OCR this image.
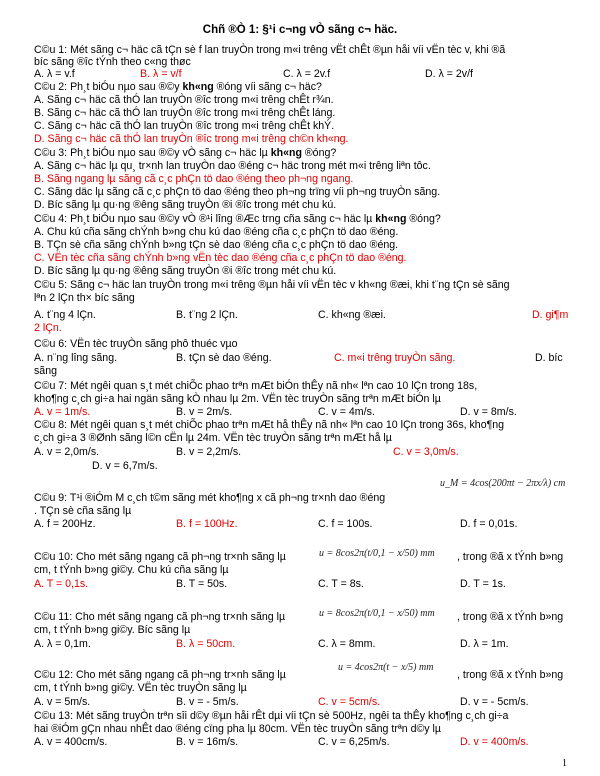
Chñ ®Ò 1: §¹i c¬ng vÒ sãng c¬ häc.
C©u 1: Mét sãng c¬ häc cã tÇn sè f lan truyÒn trong m«i trêng vËt chÊt ®µn håi víi vËn tèc v, khi ®ã
bíc sãng ®îc tÝnh theo c«ng thøc
A. λ = v.f	B. λ = v/f	C. λ = 2v.f	D. λ = 2v/f
C©u 2: Ph¸t biÓu nµo sau ®©y kh«ng ®óng víi sãng c¬ häc?
A. Sãng c¬ häc cã thÓ lan truyÒn ®îc trong m«i trêng chÊt r¾n.
B. Sãng c¬ häc cã thÓ lan truyÒn ®îc trong m«i trêng chÊt láng.
C. Sãng c¬ häc cã thÓ lan truyÒn ®îc trong m«i trêng chÊt khÝ.
D. Sãng c¬ häc cã thÓ lan truyÒn ®îc trong m«i trêng ch©n kh«ng.
C©u 3: Ph¸t biÓu nµo sau ®©y vÒ sãng c¬ häc lµ kh«ng ®óng?
A. Sãng c¬ häc lµ qu¸ tr×nh lan truyÒn dao ®éng c¬ häc trong mét m«i trêng liªn tôc.
B. Sãng ngang lµ sãng cã c¸c phÇn tö dao ®éng theo ph¬ng ngang.
C. Sãng däc lµ sãng cã c¸c phÇn tö dao ®éng theo ph¬ng trïng víi ph¬ng truyÒn sãng.
D. Bíc sãng lµ qu·ng ®êng sãng truyÒn ®i ®îc trong mét chu kú.
C©u 4: Ph¸t biÓu nµo sau ®©y vÒ ®¹i lîng ®Æc trng cña sãng c¬ häc lµ kh«ng ®óng?
A. Chu kú cña sãng chÝnh b»ng chu kú dao ®éng cña c¸c phÇn tö dao ®éng.
B. TÇn sè cña sãng chÝnh b»ng tÇn sè dao ®éng cña c¸c phÇn tö dao ®éng.
C. VËn tèc cña sãng chÝnh b»ng vËn tèc dao ®éng cña c¸c phÇn tö dao ®éng.
D. Bíc sãng lµ qu·ng ®êng sãng truyÒn ®i ®îc trong mét chu kú.
C©u 5: Sãng c¬ häc lan truyÒn trong m«i trêng ®µn håi víi vËn tèc v kh«ng ®æi, khi t¨ng tÇn sè sãng
lªn 2 lÇn th× bíc sãng
A. t¨ng 4 lÇn.	B. t¨ng 2 lÇn.	C. kh«ng ®æi.	D. gi¶m
2 lÇn.
C©u 6: VËn tèc truyÒn sãng phô thuéc vµo
A. n¨ng lîng sãng.	B. tÇn sè dao ®éng.	C. m«i trêng truyÒn sãng.	D. bíc
sãng
C©u 7: Mét ngêi quan s¸t mét chiÕc phao trªn mÆt biÓn thÊy nã nh« lªn cao 10 lÇn trong 18s,
kho¶ng c¸ch gi÷a hai ngän sãng kÒ nhau lµ 2m. VËn tèc truyÒn sãng trªn mÆt biÓn lµ
A. v = 1m/s.	B. v = 2m/s.	C. v = 4m/s.	D. v = 8m/s.
C©u 8: Mét ngêi quan s¸t mét chiÕc phao trªn mÆt hå thÊy nã nh« lªn cao 10 lÇn trong 36s, kho¶ng
c¸ch gi÷a 3 ®Ønh sãng l©n cËn lµ 24m. VËn tèc truyÒn sãng trªn mÆt hå lµ
A. v = 2,0m/s.	B. v = 2,2m/s.	C. v = 3,0m/s.
D. v = 6,7m/s.
C©u 9: T¹i ®iÓm M c¸ch t©m sãng mét kho¶ng x cã ph¬ng tr×nh dao ®éng
u_M = 4cos(200πt − 2πx/λ) cm
. TÇn sè cña sãng lµ
A. f = 200Hz.	B. f = 100Hz.	C. f = 100s.	D. f = 0,01s.
C©u 10: Cho mét sãng ngang cã ph¬ng tr×nh sãng lµ	u = 8cos2π(t/0,1 − x/50) mm , trong ®ã x tÝnh b»ng
cm, t tÝnh b»ng gi©y. Chu kú cña sãng lµ
A. T = 0,1s.	B. T = 50s.	C. T = 8s.	D. T = 1s.
C©u 11: Cho mét sãng ngang cã ph¬ng tr×nh sãng lµ	u = 8cos2π(t/0,1 − x/50) mm , trong ®ã x tÝnh b»ng
cm, t tÝnh b»ng gi©y. Bíc sãng lµ
A. λ = 0,1m.	B. λ = 50cm.	C. λ = 8mm.	D. λ = 1m.
C©u 12: Cho mét sãng ngang cã ph¬ng tr×nh sãng lµ
u = 4cos2π(t − x/5) mm
, trong ®ã x tÝnh b»ng
cm, t tÝnh b»ng gi©y. VËn tèc truyÒn sãng lµ
A. v = 5m/s.	B. v = - 5m/s.	C. v = 5cm/s.	D. v = - 5cm/s.
C©u 13: Mét sãng truyÒn trªn sîi d©y ®µn håi rÊt dµi víi tÇn sè 500Hz, ngêi ta thÊy kho¶ng c¸ch gi÷a
hai ®iÓm gÇn nhau nhÊt dao ®éng cïng pha lµ 80cm. VËn tèc truyÒn sãng trªn d©y lµ
A. v = 400cm/s.	B. v = 16m/s.	C. v = 6,25m/s.	D. v = 400m/s.
1
